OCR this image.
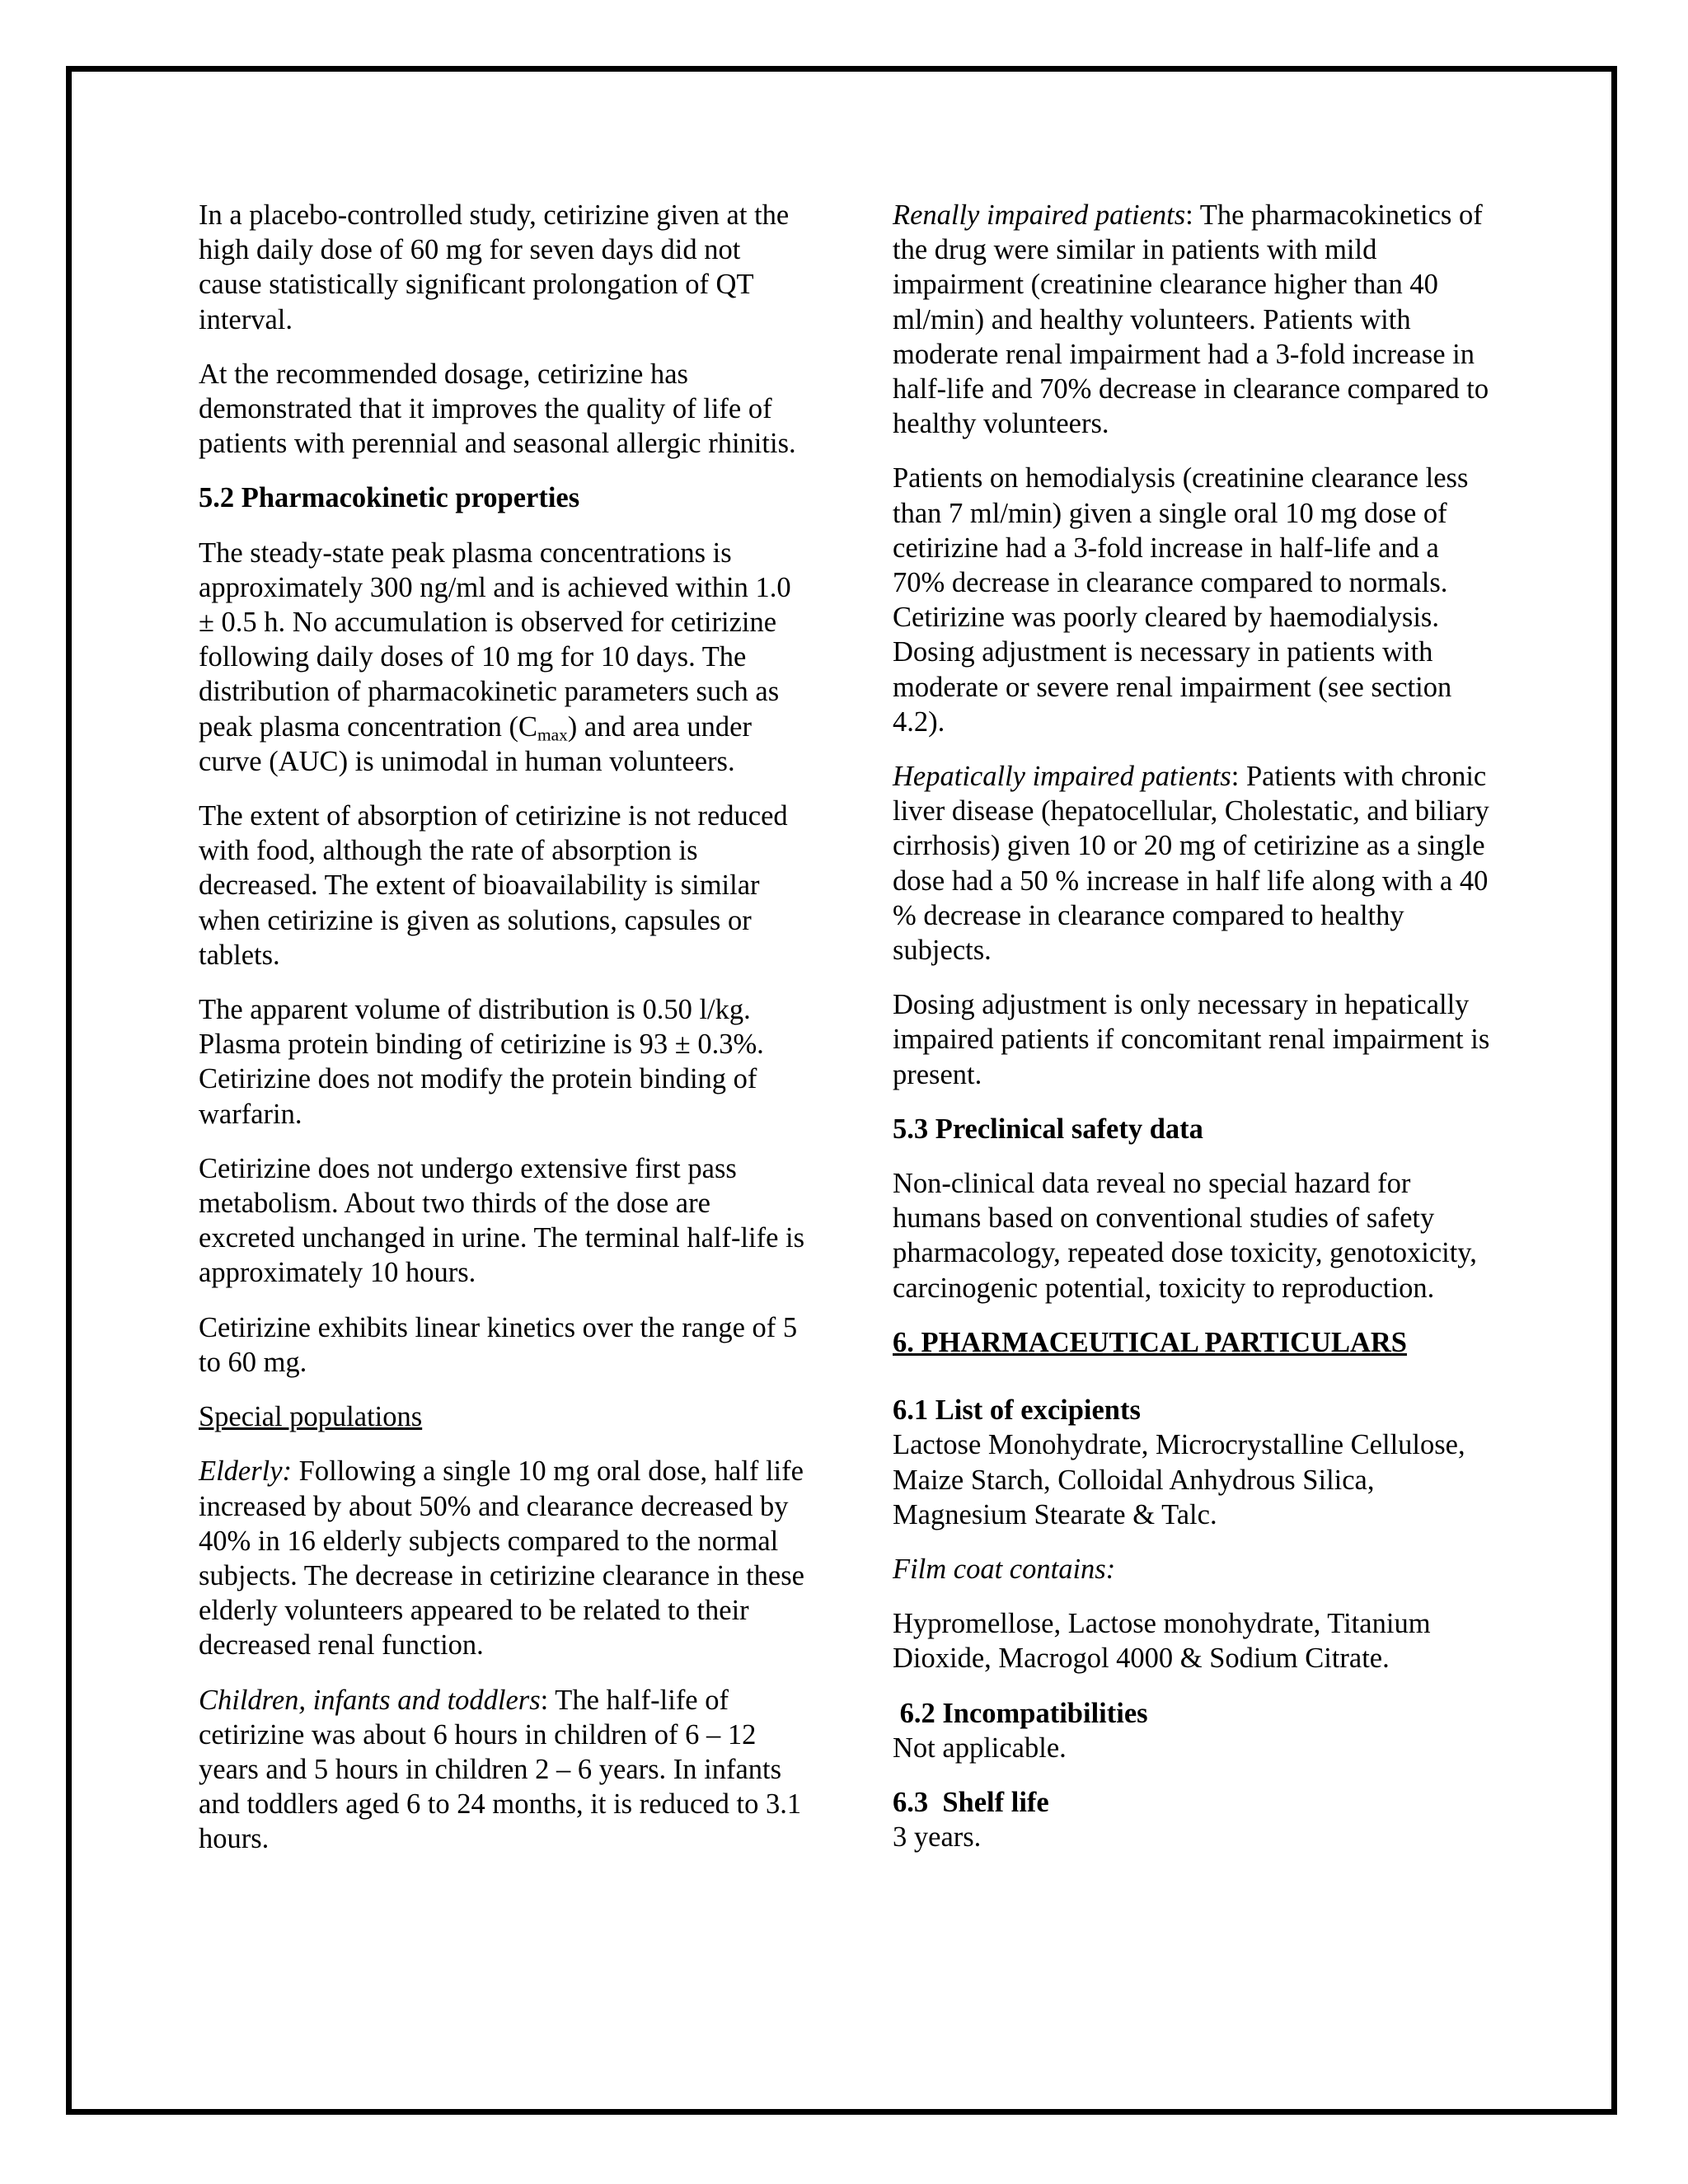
In a placebo-controlled study, cetirizine given at the high daily dose of 60 mg for seven days did not cause statistically significant prolongation of QT interval.

At the recommended dosage, cetirizine has demonstrated that it improves the quality of life of patients with perennial and seasonal allergic rhinitis.

5.2 Pharmacokinetic properties

The steady-state peak plasma concentrations is approximately 300 ng/ml and is achieved within 1.0 ± 0.5 h. No accumulation is observed for cetirizine following daily doses of 10 mg for 10 days. The distribution of pharmacokinetic parameters such as peak plasma concentration $(C_{max})$ and area under curve (AUC) is unimodal in human volunteers.

The extent of absorption of cetirizine is not reduced with food, although the rate of absorption is decreased. The extent of bioavailability is similar when cetirizine is given as solutions, capsules or tablets.

The apparent volume of distribution is 0.50 l/kg. Plasma protein binding of cetirizine is 93 ± 0.3%. Cetirizine does not modify the protein binding of warfarin.

Cetirizine does not undergo extensive first pass metabolism. About two thirds of the dose are excreted unchanged in urine. The terminal half-life is approximately 10 hours.

Cetirizine exhibits linear kinetics over the range of 5 to 60 mg.

Special populations

Elderly: Following a single 10 mg oral dose, half life increased by about 50% and clearance decreased by 40% in 16 elderly subjects compared to the normal subjects. The decrease in cetirizine clearance in these elderly volunteers appeared to be related to their decreased renal function.

Children, infants and toddlers: The half-life of cetirizine was about 6 hours in children of 6 – 12 years and 5 hours in children 2 – 6 years. In infants and toddlers aged 6 to 24 months, it is reduced to 3.1 hours.

Renally impaired patients: The pharmacokinetics of the drug were similar in patients with mild impairment (creatinine clearance higher than 40 ml/min) and healthy volunteers. Patients with moderate renal impairment had a 3-fold increase in half-life and 70% decrease in clearance compared to healthy volunteers.

Patients on hemodialysis (creatinine clearance less than 7 ml/min) given a single oral 10 mg dose of cetirizine had a 3-fold increase in half-life and a 70% decrease in clearance compared to normals. Cetirizine was poorly cleared by haemodialysis. Dosing adjustment is necessary in patients with moderate or severe renal impairment (see section 4.2).

Hepatically impaired patients: Patients with chronic liver disease (hepatocellular, Cholestatic, and biliary cirrhosis) given 10 or 20 mg of cetirizine as a single dose had a 50 % increase in half life along with a 40 % decrease in clearance compared to healthy subjects.

Dosing adjustment is only necessary in hepatically impaired patients if concomitant renal impairment is present.

5.3 Preclinical safety data

Non-clinical data reveal no special hazard for humans based on conventional studies of safety pharmacology, repeated dose toxicity, genotoxicity, carcinogenic potential, toxicity to reproduction.

6. PHARMACEUTICAL PARTICULARS

6.1 List of excipients

Lactose Monohydrate, Microcrystalline Cellulose, Maize Starch, Colloidal Anhydrous Silica, Magnesium Stearate & Talc.

Film coat contains:

Hypromellose, Lactose monohydrate, Titanium Dioxide, Macrogol 4000 & Sodium Citrate.

6.2 Incompatibilities

Not applicable.

6.3  Shelf life

3 years.
